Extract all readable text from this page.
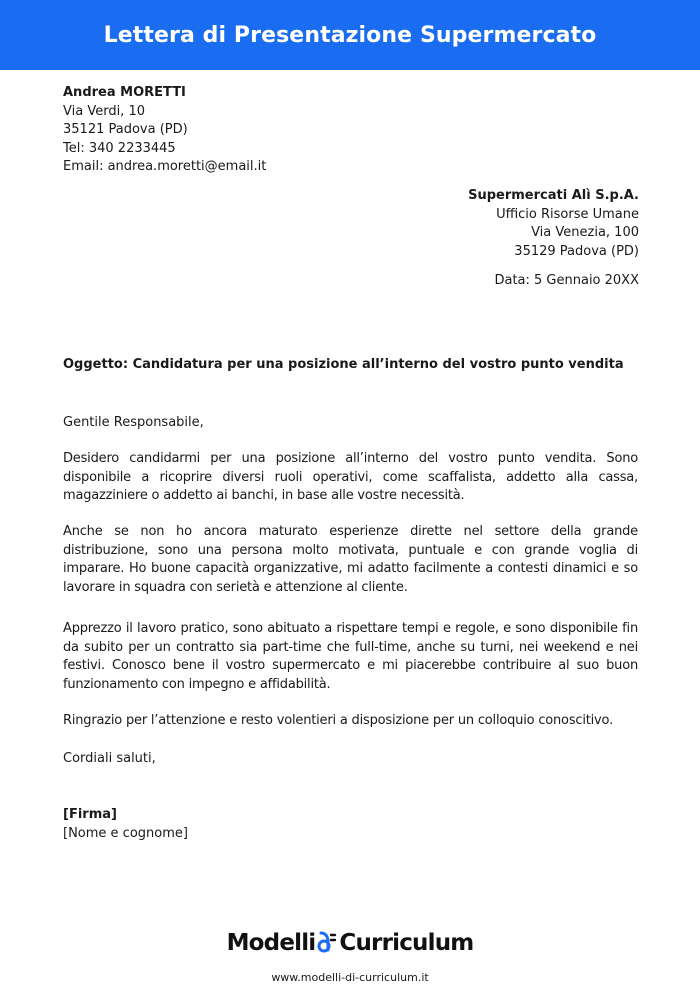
Lettera di Presentazione Supermercato
Andrea MORETTI
Via Verdi, 10
35121 Padova (PD)
Tel: 340 2233445
Email: andrea.moretti@email.it
Supermercati Alì S.p.A.
Ufficio Risorse Umane
Via Venezia, 100
35129 Padova (PD)
Data: 5 Gennaio 20XX
Oggetto: Candidatura per una posizione all’interno del vostro punto vendita
Gentile Responsabile,

Desidero candidarmi per una posizione all’interno del vostro punto vendita. Sono disponibile a ricoprire diversi ruoli operativi, come scaffalista, addetto alla cassa, magazziniere o addetto ai banchi, in base alle vostre necessità.

Anche se non ho ancora maturato esperienze dirette nel settore della grande distribuzione, sono una persona molto motivata, puntuale e con grande voglia di imparare. Ho buone capacità organizzative, mi adatto facilmente a contesti dinamici e so lavorare in squadra con serietà e attenzione al cliente.

Apprezzo il lavoro pratico, sono abituato a rispettare tempi e regole, e sono disponibile fin da subito per un contratto sia part-time che full-time, anche su turni, nei weekend e nei festivi. Conosco bene il vostro supermercato e mi piacerebbe contribuire al suo buon funzionamento con impegno e affidabilità.

Ringrazio per l’attenzione e resto volentieri a disposizione per un colloquio conoscitivo.

Cordiali saluti,
[Firma]
[Nome e cognome]
Modelli Curriculum
www.modelli-di-curriculum.it
